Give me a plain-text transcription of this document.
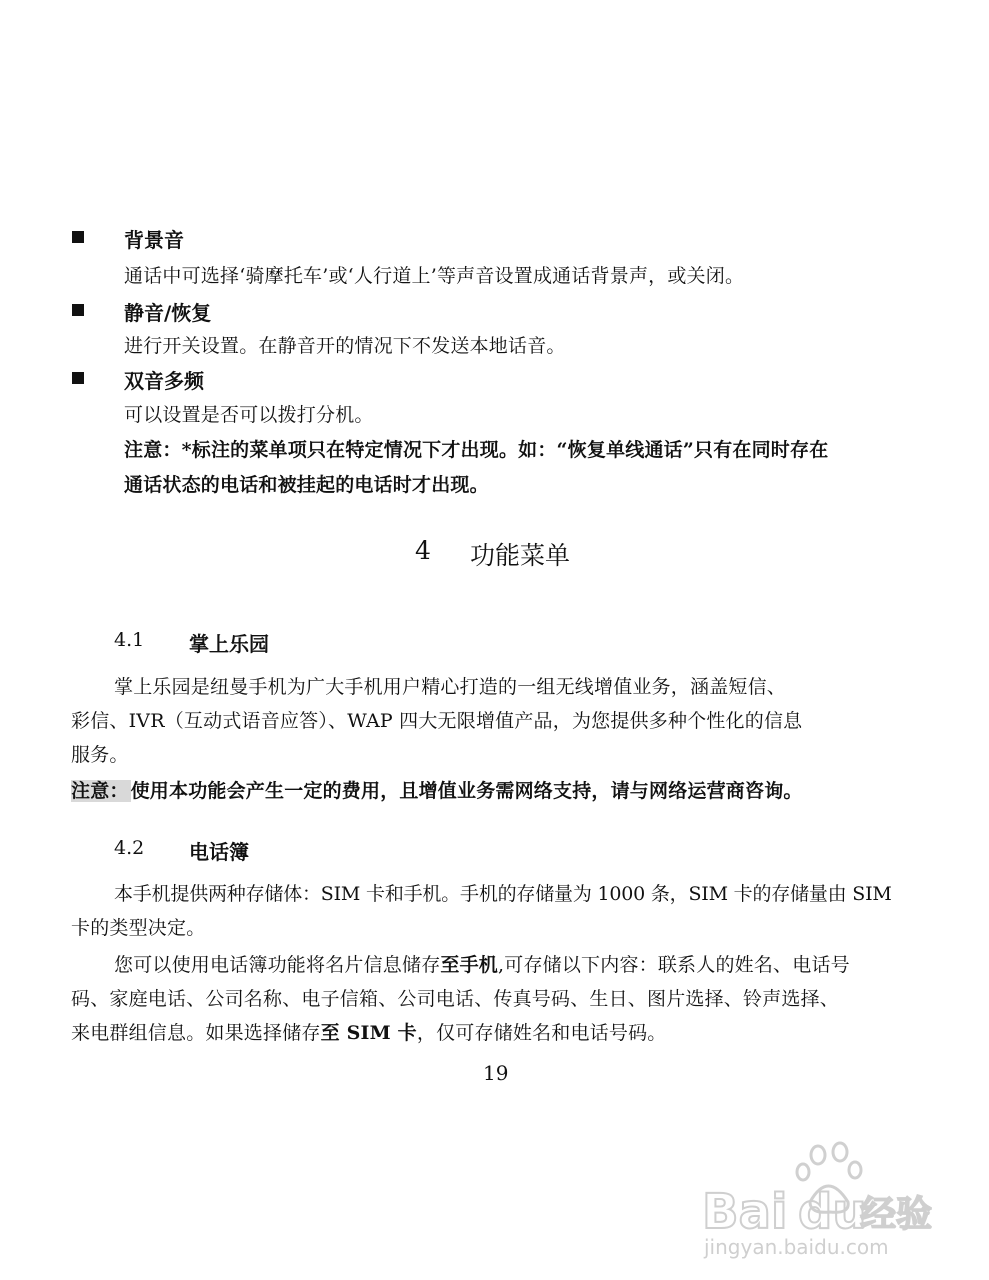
背景音
通话中可选择‘骑摩托车’或‘人行道上’等声音设置成通话背景声，或关闭。
静音/恢复
进行开关设置。在静音开的情况下不发送本地话音。
双音多频
可以设置是否可以拨打分机。
注意：*标注的菜单项只在特定情况下才出现。如：“恢复单线通话”只有在同时存在
通话状态的电话和被挂起的电话时才出现。
4 功能菜单
4.1 掌上乐园
掌上乐园是纽曼手机为广大手机用户精心打造的一组无线增值业务，涵盖短信、
彩信、IVR（互动式语音应答）、WAP 四大无限增值产品，为您提供多种个性化的信息
服务。
注意： 使用本功能会产生一定的费用，且增值业务需网络支持，请与网络运营商咨询。
4.2 电话簿
本手机提供两种存储体：SIM 卡和手机。手机的存储量为 1000 条，SIM 卡的存储量由 SIM
卡的类型决定。
您可以使用电话簿功能将名片信息储存至手机,可存储以下内容：联系人的姓名、电话号
码、家庭电话、公司名称、电子信箱、公司电话、传真号码、生日、图片选择、铃声选择、
来电群组信息。如果选择储存至 SIM 卡，仅可存储姓名和电话号码。
19
Bai du
经验
jingyan.baidu.com
